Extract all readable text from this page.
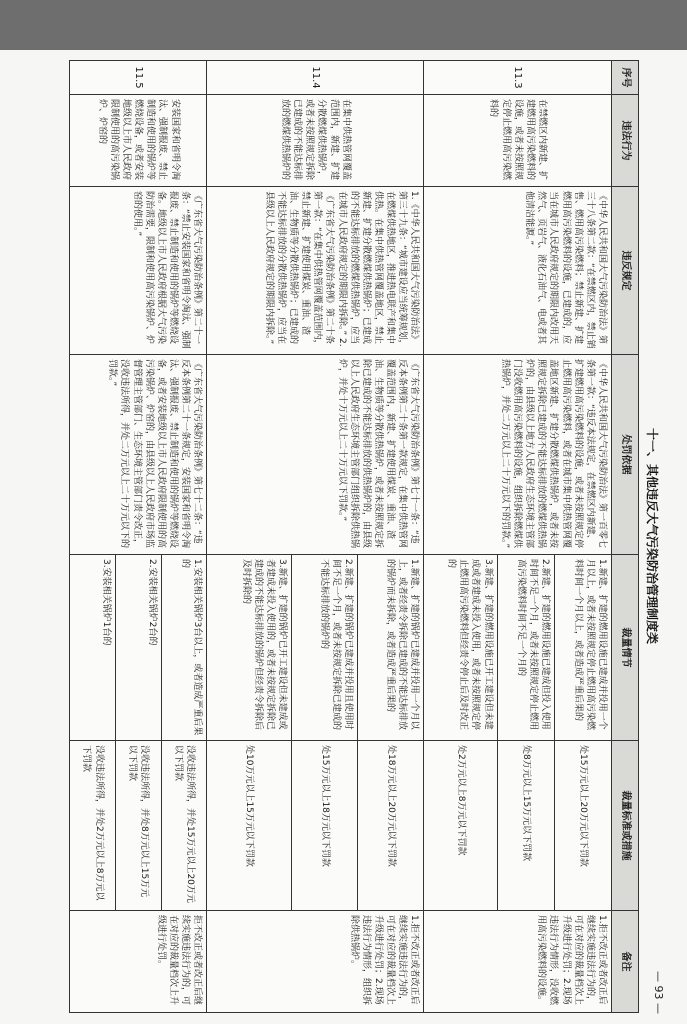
十一、其他违反大气污染防治管理制度类
序号	违法行为	违反规定	处罚依据	裁量情节	裁量标准或措施	备注
11.3	在禁燃区内新建、扩建燃用高污染燃料的设施，或者未按照规定停止燃用高污染燃料的	《中华人民共和国大气污染防治法》第三十八条第二款：“在禁燃区内，禁止销售、燃用高污染燃料；禁止新建、扩建燃用高污染燃料的设施，已建成的，应当在城市人民政府规定的期限内改用天然气、页岩气、液化石油气、电或者其他清洁能源。”	《中华人民共和国大气污染防治法》第一百零七条第一款：“违反本法规定，在禁燃区内新建、扩建燃用高污染燃料的设施，或者未按照规定停止燃用高污染燃料，或者在城市集中供热管网覆盖地区新建、扩建分散燃煤供热锅炉，或者未按照规定拆除已建成的不能达标排放的燃煤供热锅炉的，由县级以上地方人民政府生态环境主管部门没收燃用高污染燃料的设施，组织拆除燃煤供热锅炉，并处二万元以上二十万元以下的罚款。”	1.新建、扩建的燃用设施已建成并投用一个月以上，或者未按照规定停止燃用高污染燃料时间一个月以上，或者造成严重后果的	处15万元以上20万元以下罚款	1.拒不改正或者改正后继续实施违法行为的，可在对应的裁量档次上升级进行处罚；2.现场违法行为情形，没收燃用高污染燃料的设施。
				2.新建、扩建的燃用设施已建成但投入使用时间不足一个月，或者未按照规定停止燃用高污染燃料时间不足一个月的	处8万元以上15万元以下罚款	
				3.新建、扩建的燃用设施已开工建设但未建成或者建成未投入使用，或者未按照规定停止燃用高污染燃料但经责令停止后及时改正的	处2万元以上8万元以下罚款	
11.4	在集中供热管网覆盖范围内，新建、扩建分散燃煤供热锅炉，或者未按照规定拆除已建成的不能达标排放的燃煤供热锅炉的	1.《中华人民共和国大气污染防治法》第三十九条：“城市建设应当统筹规划，在燃煤供热地区，推进热电联产和集中供热。在集中供热管网覆盖地区，禁止新建、扩建分散燃煤供热锅炉；已建成的不能达标排放的燃煤供热锅炉，应当在城市人民政府规定的期限内拆除。” 2.《广东省大气污染防治条例》第二十条第一款：“在集中供热管网覆盖范围内，禁止新建、扩建使用煤炭、重油、渣油、生物质等分散供热锅炉；已建成的不能达标排放的分散供热锅炉，应当在县级以上人民政府规定的期限内拆除。”	《广东省大气污染防治条例》第七十一条：“违反本条例第二十条第一款规定，在集中供热管网覆盖范围内，新建、扩建使用煤炭、重油、渣油、生物质等分散供热锅炉，或者未按照规定拆除已建成的不能达标排放的供热锅炉的，由县级以上人民政府生态环境主管部门组织拆除供热锅炉，并处十万元以上二十万元以下罚款。”	1.新建、扩建的锅炉已建成并投用一个月以上，或者经责令拆除已建成的不能达标排放的锅炉而未拆除，或者造成严重后果的	处18万元以上20万元以下罚款	1.拒不改正或者改正后继续实施违法行为的，可在对应的裁量档次上升级进行处罚；2.现场违法行为情形，组织拆除供热锅炉。
				2.新建、扩建的锅炉已建成并投用且使用时间不足一个月，或者未按规定拆除已建成的不能达标排放的锅炉的	处15万元以上18万元以下罚款	
				3.新建、扩建的锅炉已开工建设但未建成或者建成未投入使用的，或者未按规定拆除已建成的不能达标排放的锅炉但经责令拆除后及时拆除的	处10万元以上15万元以下罚款	
11.5	安装国家和省明令淘汰、强制报废、禁止制造和使用的锅炉等燃烧设备，或者安装地级以上市人民政府限制使用的高污染锅炉、炉窑的	《广东省大气污染防治条例》第二十一条：“禁止安装国家和省明令淘汰、强制报废、禁止制造和使用的锅炉等燃烧设备。地级以上市人民政府根据大气污染防治需要，限制和使用高污染锅炉、炉窑的使用。”	《广东省大气污染防治条例》第七十二条：“违反本条例第二十一条规定，安装国家和省明令淘汰、强制报废、禁止制造和使用的锅炉等燃烧设备，或者安装地级以上市人民政府限制使用的高污染锅炉、炉窑的，由县级以上人民政府市场监督管理主管部门、生态环境主管部门责令改正，没收违法所得，并处二万元以上二十万元以下的罚款。”	1.安装相关锅炉3台以上，或者造成严重后果的	没收违法所得，并处15万元以上20万元以下罚款	拒不改正或者改正后继续实施违法行为的，可在对应的裁量档次上升级进行处罚。
				2.安装相关锅炉2台的	没收违法所得，并处8万元以上15万元以下罚款	
				3.安装相关锅炉1台的	没收违法所得，并处2万元以上8万元以下罚款	
— 93 —
